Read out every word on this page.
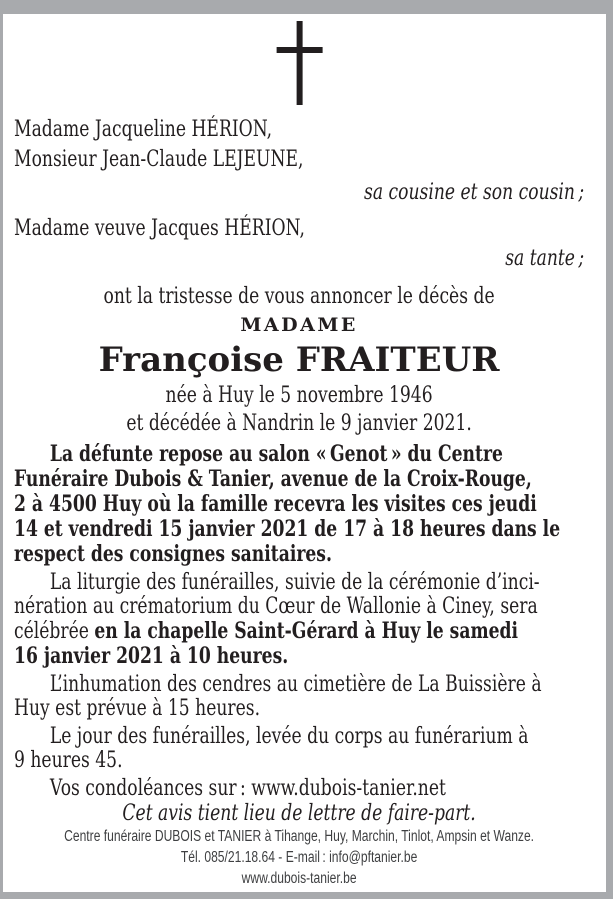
Madame Jacqueline HÉRION,
Monsieur Jean-Claude LEJEUNE,
sa cousine et son cousin ;
Madame veuve Jacques HÉRION,
sa tante ;
ont la tristesse de vous annoncer le décès de
MADAME
Françoise FRAITEUR
née à Huy le 5 novembre 1946
et décédée à Nandrin le 9 janvier 2021.
La défunte repose au salon « Genot » du Centre
Funéraire Dubois & Tanier, avenue de la Croix-Rouge,
2 à 4500 Huy où la famille recevra les visites ces jeudi
14 et vendredi 15 janvier 2021 de 17 à 18 heures dans le
respect des consignes sanitaires.
La liturgie des funérailles, suivie de la cérémonie d’inci-
nération au crématorium du Cœur de Wallonie à Ciney, sera
célébrée en la chapelle Saint-Gérard à Huy le samedi
16 janvier 2021 à 10 heures.
L’inhumation des cendres au cimetière de La Buissière à
Huy est prévue à 15 heures.
Le jour des funérailles, levée du corps au funérarium à
9 heures 45.
Vos condoléances sur : www.dubois-tanier.net
Cet avis tient lieu de lettre de faire-part.
Centre funéraire DUBOIS et TANIER à Tihange, Huy, Marchin, Tinlot, Ampsin et Wanze.
Tél. 085/21.18.64 - E-mail : info@pftanier.be
www.dubois-tanier.be
